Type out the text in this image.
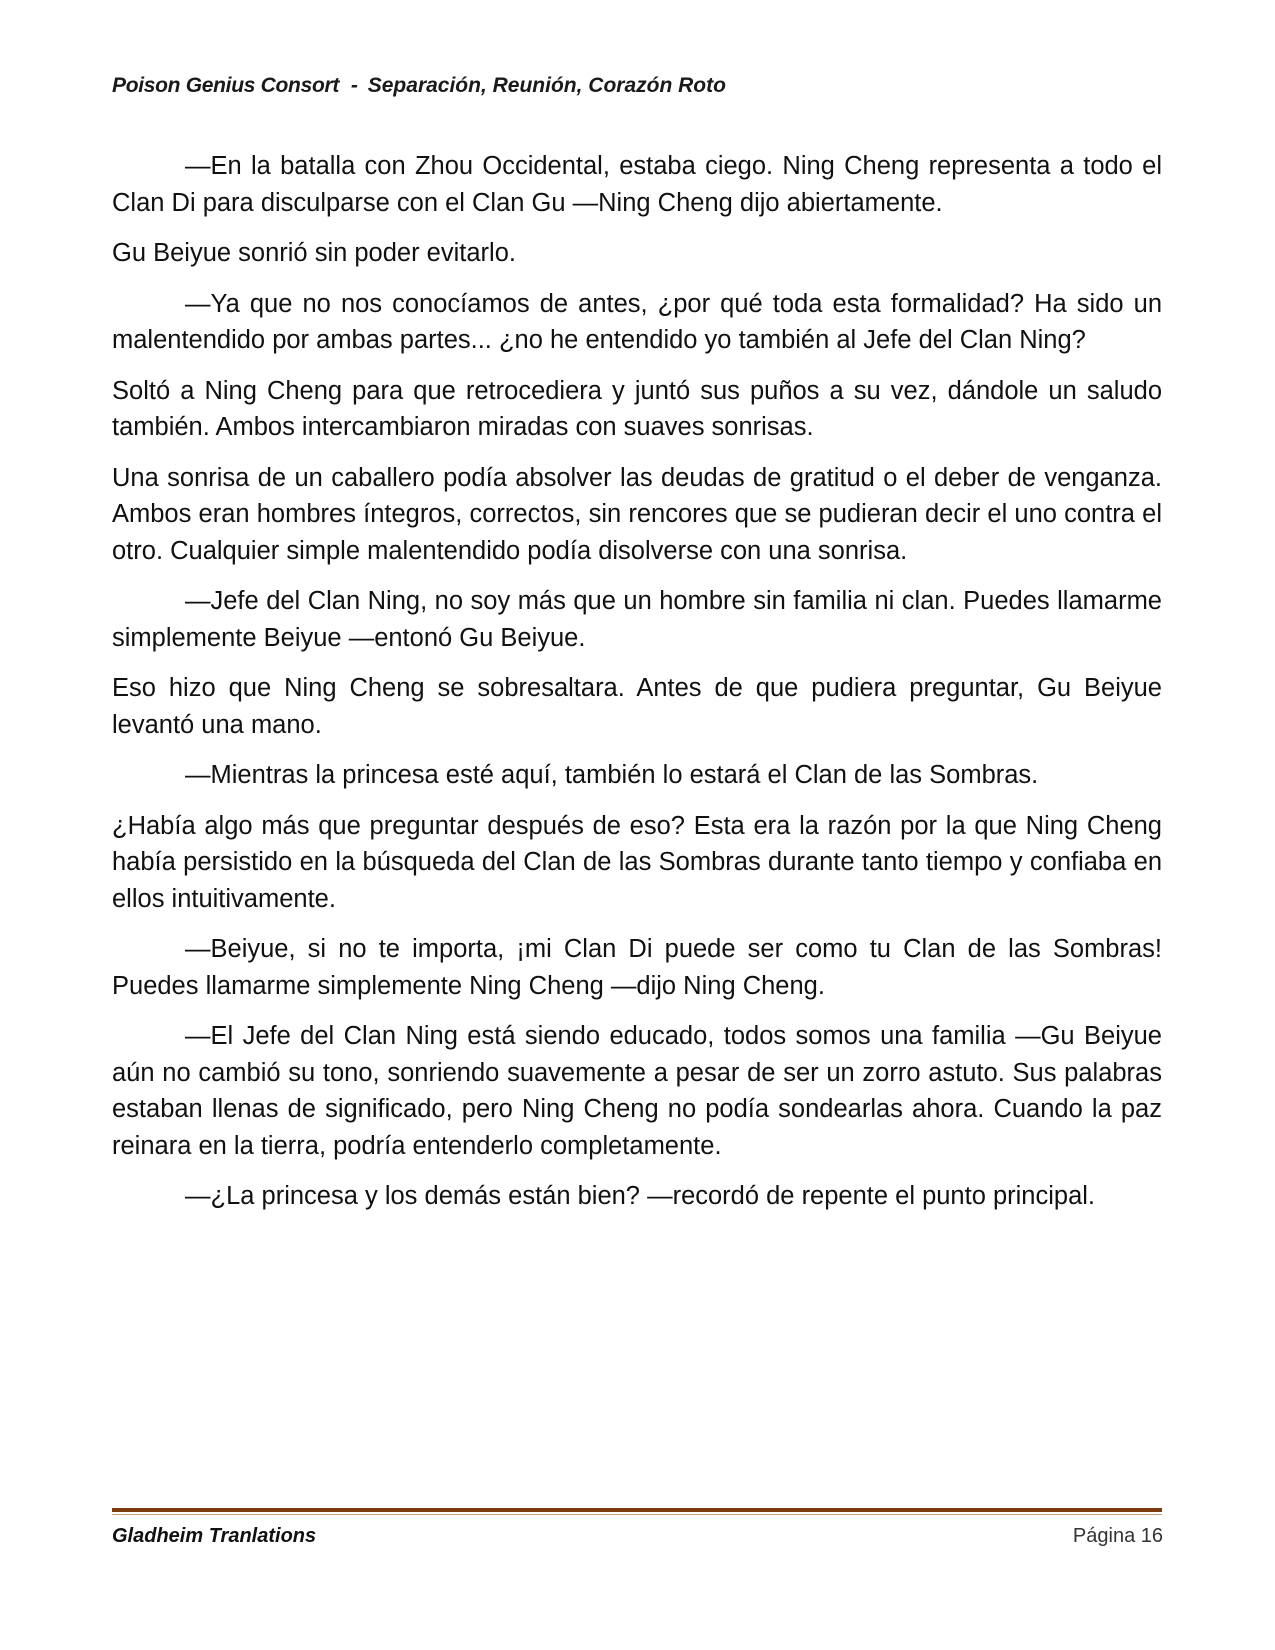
Poison Genius Consort - Separación, Reunión, Corazón Roto

—En la batalla con Zhou Occidental, estaba ciego. Ning Cheng representa a todo el Clan Di para disculparse con el Clan Gu —Ning Cheng dijo abiertamente.

Gu Beiyue sonrió sin poder evitarlo.

—Ya que no nos conocíamos de antes, ¿por qué toda esta formalidad? Ha sido un malentendido por ambas partes... ¿no he entendido yo también al Jefe del Clan Ning?

Soltó a Ning Cheng para que retrocediera y juntó sus puños a su vez, dándole un saludo también. Ambos intercambiaron miradas con suaves sonrisas.

Una sonrisa de un caballero podía absolver las deudas de gratitud o el deber de venganza. Ambos eran hombres íntegros, correctos, sin rencores que se pudieran decir el uno contra el otro. Cualquier simple malentendido podía disolverse con una sonrisa.

—Jefe del Clan Ning, no soy más que un hombre sin familia ni clan. Puedes llamarme simplemente Beiyue —entonó Gu Beiyue.

Eso hizo que Ning Cheng se sobresaltara. Antes de que pudiera preguntar, Gu Beiyue levantó una mano.

—Mientras la princesa esté aquí, también lo estará el Clan de las Sombras.

¿Había algo más que preguntar después de eso? Esta era la razón por la que Ning Cheng había persistido en la búsqueda del Clan de las Sombras durante tanto tiempo y confiaba en ellos intuitivamente.

—Beiyue, si no te importa, ¡mi Clan Di puede ser como tu Clan de las Sombras! Puedes llamarme simplemente Ning Cheng —dijo Ning Cheng.

—El Jefe del Clan Ning está siendo educado, todos somos una familia —Gu Beiyue aún no cambió su tono, sonriendo suavemente a pesar de ser un zorro astuto. Sus palabras estaban llenas de significado, pero Ning Cheng no podía sondearlas ahora. Cuando la paz reinara en la tierra, podría entenderlo completamente.

—¿La princesa y los demás están bien? —recordó de repente el punto principal.

Gladheim Tranlations	Página 16
